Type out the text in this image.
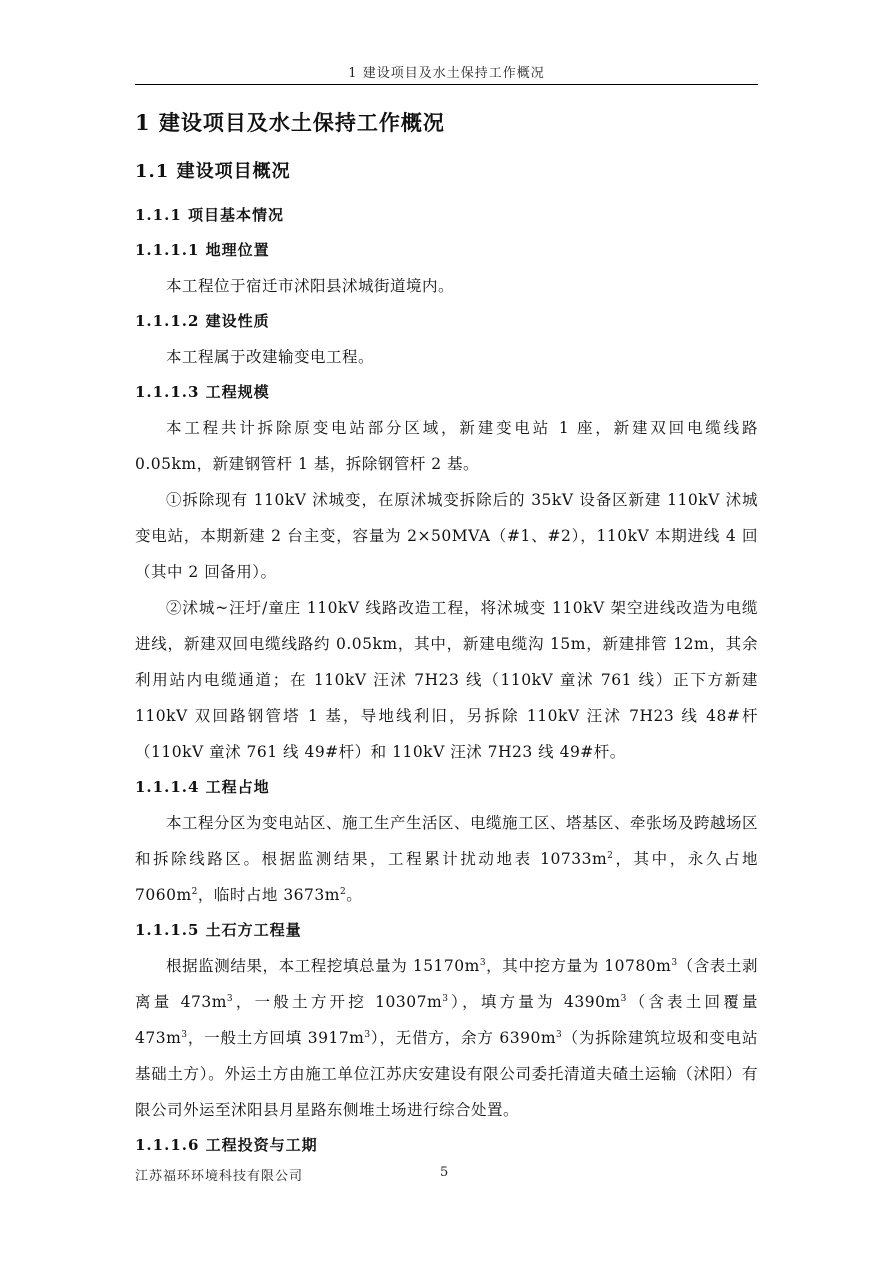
1 建设项目及水土保持工作概况
1 建设项目及水土保持工作概况
1.1 建设项目概况
1.1.1 项目基本情况
1.1.1.1 地理位置

本工程位于宿迁市沭阳县沭城街道境内。

1.1.1.2 建设性质

本工程属于改建输变电工程。

1.1.1.3 工程规模

本工程共计拆除原变电站部分区域，新建变电站 1 座，新建双回电缆线路 0.05km，新建钢管杆 1 基，拆除钢管杆 2 基。

①拆除现有 110kV 沭城变，在原沭城变拆除后的 35kV 设备区新建 110kV 沭城变电站，本期新建 2 台主变，容量为 2×50MVA（#1、#2），110kV 本期进线 4 回（其中 2 回备用）。

②沭城~汪圩/童庄 110kV 线路改造工程，将沭城变 110kV 架空进线改造为电缆进线，新建双回电缆线路约 0.05km，其中，新建电缆沟 15m，新建排管 12m，其余利用站内电缆通道；在 110kV 汪沭 7H23 线（110kV 童沭 761 线）正下方新建 110kV 双回路钢管塔 1 基，导地线利旧，另拆除 110kV 汪沭 7H23 线 48#杆（110kV 童沭 761 线 49#杆）和 110kV 汪沭 7H23 线 49#杆。

1.1.1.4 工程占地

本工程分区为变电站区、施工生产生活区、电缆施工区、塔基区、牵张场及跨越场区和拆除线路区。根据监测结果，工程累计扰动地表 $10733m^2$，其中，永久占地 $7060m^2$，临时占地 $3673m^2$。

1.1.1.5 土石方工程量

根据监测结果，本工程挖填总量为 $15170m^3$，其中挖方量为 $10780m^3$（含表土剥离量 $473m^3$，一般土方开挖 $10307m^3$），填方量为 $4390m^3$（含表土回覆量 $473m^3$，一般土方回填 $3917m^3$），无借方，余方 $6390m^3$（为拆除建筑垃圾和变电站基础土方）。外运土方由施工单位江苏庆安建设有限公司委托清道夫碴土运输（沭阳）有限公司外运至沭阳县月星路东侧堆土场进行综合处置。

1.1.1.6 工程投资与工期
江苏福环环境科技有限公司	5
